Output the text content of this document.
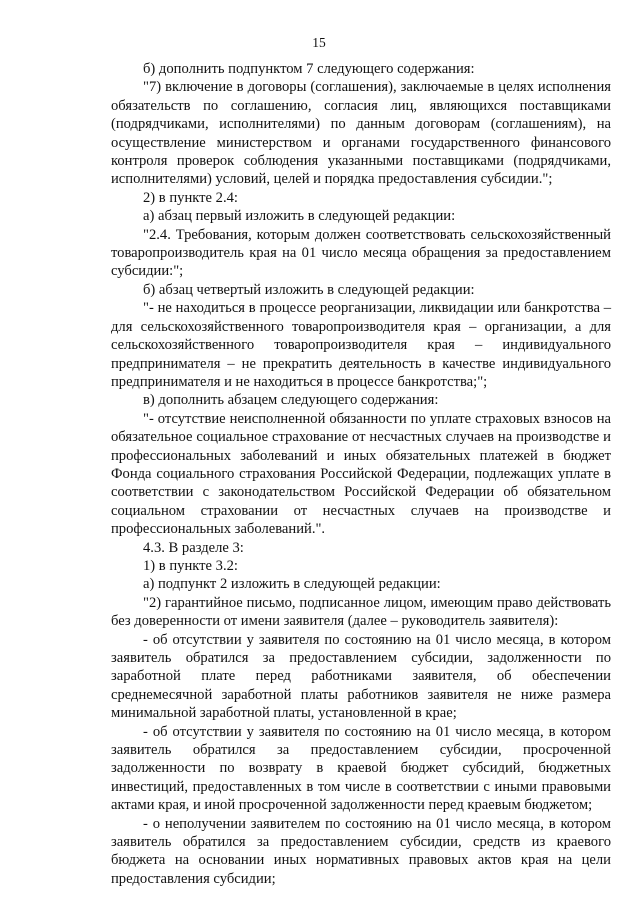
15

б) дополнить подпунктом 7 следующего содержания:

"7) включение в договоры (соглашения), заключаемые в целях исполнения обязательств по соглашению, согласия лиц, являющихся поставщиками (подрядчиками, исполнителями) по данным договорам (соглашениям), на осуществление министерством и органами государственного финансового контроля проверок соблюдения указанными поставщиками (подрядчиками, исполнителями) условий, целей и порядка предоставления субсидии.";

2) в пункте 2.4:

а) абзац первый изложить в следующей редакции:

"2.4. Требования, которым должен соответствовать сельскохозяйственный товаропроизводитель края на 01 число месяца обращения за предоставлением субсидии:";

б) абзац четвертый изложить в следующей редакции:

"- не находиться в процессе реорганизации, ликвидации или банкротства – для сельскохозяйственного товаропроизводителя края – организации, а для сельскохозяйственного товаропроизводителя края – индивидуального предпринимателя – не прекратить деятельность в качестве индивидуального предпринимателя и не находиться в процессе банкротства;";

в) дополнить абзацем следующего содержания:

"- отсутствие неисполненной обязанности по уплате страховых взносов на обязательное социальное страхование от несчастных случаев на производстве и профессиональных заболеваний и иных обязательных платежей в бюджет Фонда социального страхования Российской Федерации, подлежащих уплате в соответствии с законодательством Российской Федерации об обязательном социальном страховании от несчастных случаев на производстве и профессиональных заболеваний.".

4.3. В разделе 3:

1) в пункте 3.2:

а) подпункт 2 изложить в следующей редакции:

"2) гарантийное письмо, подписанное лицом, имеющим право действовать без доверенности от имени заявителя (далее – руководитель заявителя):

- об отсутствии у заявителя по состоянию на 01 число месяца, в котором заявитель обратился за предоставлением субсидии, задолженности по заработной плате перед работниками заявителя, об обеспечении среднемесячной заработной платы работников заявителя не ниже размера минимальной заработной платы, установленной в крае;

- об отсутствии у заявителя по состоянию на 01 число месяца, в котором заявитель обратился за предоставлением субсидии, просроченной задолженности по возврату в краевой бюджет субсидий, бюджетных инвестиций, предоставленных в том числе в соответствии с иными правовыми актами края, и иной просроченной задолженности перед краевым бюджетом;

- о неполучении заявителем по состоянию на 01 число месяца, в котором заявитель обратился за предоставлением субсидии, средств из краевого бюджета на основании иных нормативных правовых актов края на цели предоставления субсидии;
